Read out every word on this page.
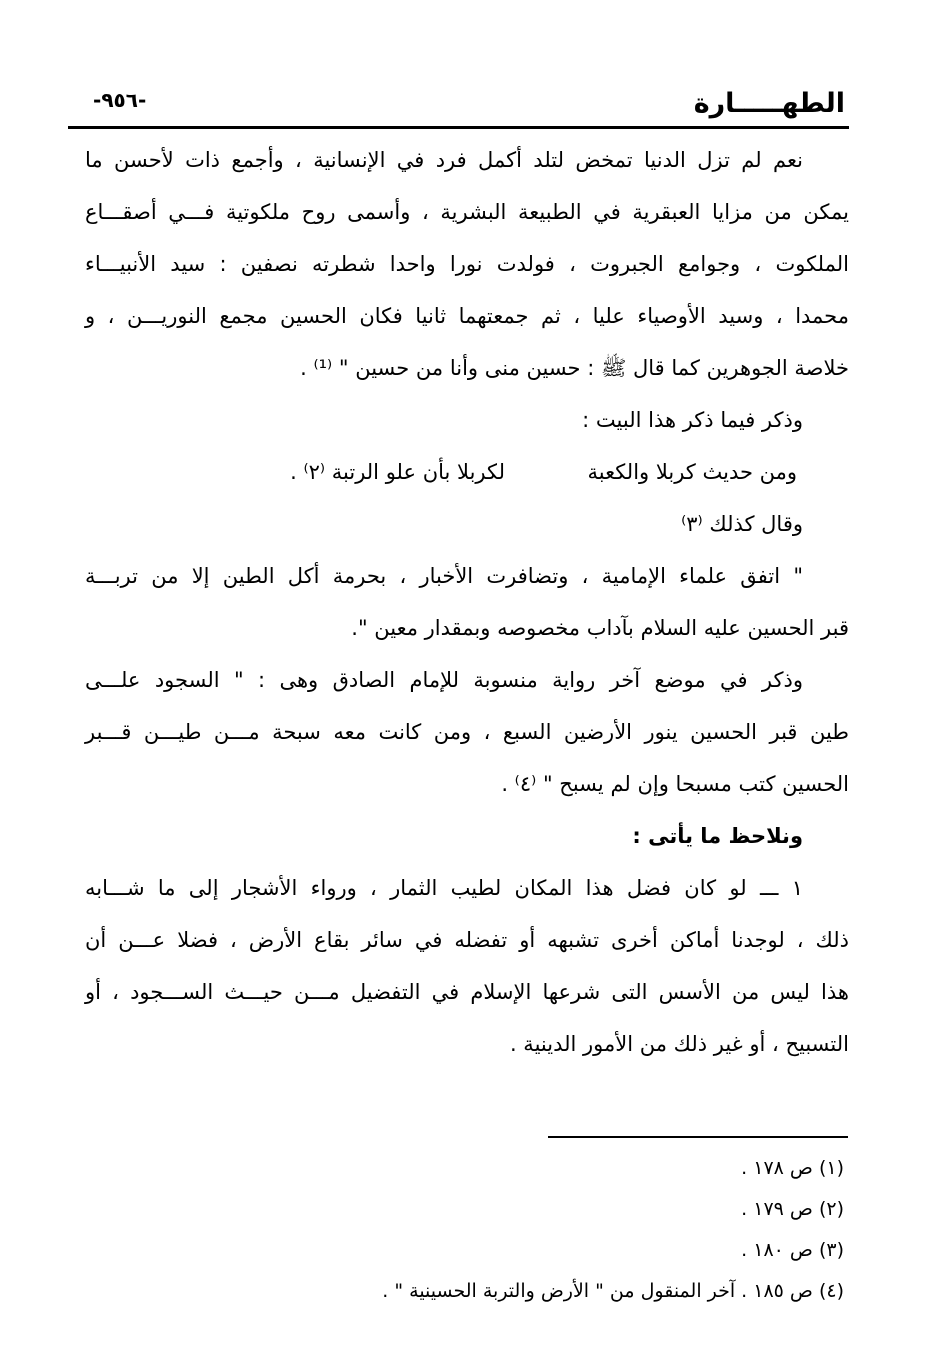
الطهـــــارة
-٩٥٦-
نعم لم تزل الدنيا تمخض لتلد أكمل فرد في الإنسانية ، وأجمع ذات لأحسن ما
يمكن من مزايا العبقرية في الطبيعة البشرية ، وأسمى روح ملكوتية فـــي أصقـــاع
الملكوت ، وجوامع الجبروت ، فولدت نورا واحدا شطرته نصفين : سيد الأنبيـــاء
محمدا ، وسيد الأوصياء عليا ، ثم جمعتهما ثانيا فكان الحسين مجمع النوريـــن ، و
خلاصة الجوهرين كما قال ﷺ : حسين منى وأنا من حسين " ⁽¹⁾ .
وذكر فيما ذكر هذا البيت :
ومن حديث كربلا والكعبة
لكربلا بأن علو الرتبة ⁽٢⁾ .
وقال كذلك ⁽٣⁾
" اتفق علماء الإمامية ، وتضافرت الأخبار ، بحرمة أكل الطين إلا من تربـــة
قبر الحسين عليه السلام بآداب مخصوصه وبمقدار معين ".
وذكر في موضع آخر رواية منسوبة للإمام الصادق وهى : " السجود علـــى
طين قبر الحسين ينور الأرضين السبع ، ومن كانت معه سبحة مـــن طيـــن قـــبر
الحسين كتب مسبحا وإن لم يسبح " ⁽٤⁾ .
ونلاحظ ما يأتى :
١ ـــ لو كان فضل هذا المكان لطيب الثمار ، ورواء الأشجار إلى ما شـــابه
ذلك ، لوجدنا أماكن أخرى تشبهه أو تفضله في سائر بقاع الأرض ، فضلا عـــن أن
هذا ليس من الأسس التى شرعها الإسلام في التفضيل مـــن حيـــث الســـجود ، أو
التسبيح ، أو غير ذلك من الأمور الدينية .
(١) ص ١٧٨ .
(٢) ص ١٧٩ .
(٣) ص ١٨٠ .
(٤) ص ١٨٥ . آخر المنقول من " الأرض والتربة الحسينية " .
